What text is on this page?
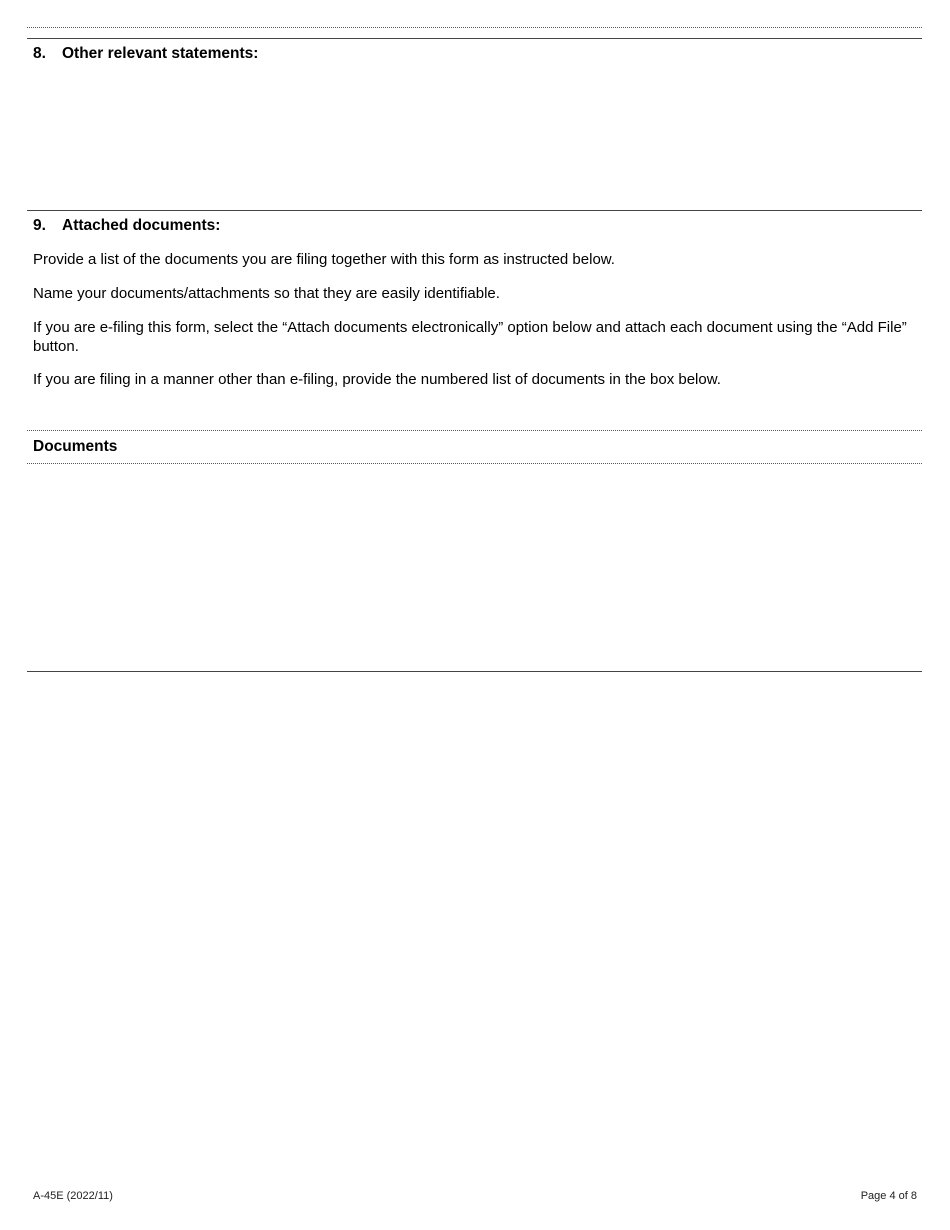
8. Other relevant statements:
9. Attached documents:
Provide a list of the documents you are filing together with this form as instructed below.
Name your documents/attachments so that they are easily identifiable.
If you are e-filing this form, select the “Attach documents electronically” option below and attach each document using the “Add File” button.
If you are filing in a manner other than e-filing, provide the numbered list of documents in the box below.
Documents
A-45E (2022/11)	Page 4 of 8
